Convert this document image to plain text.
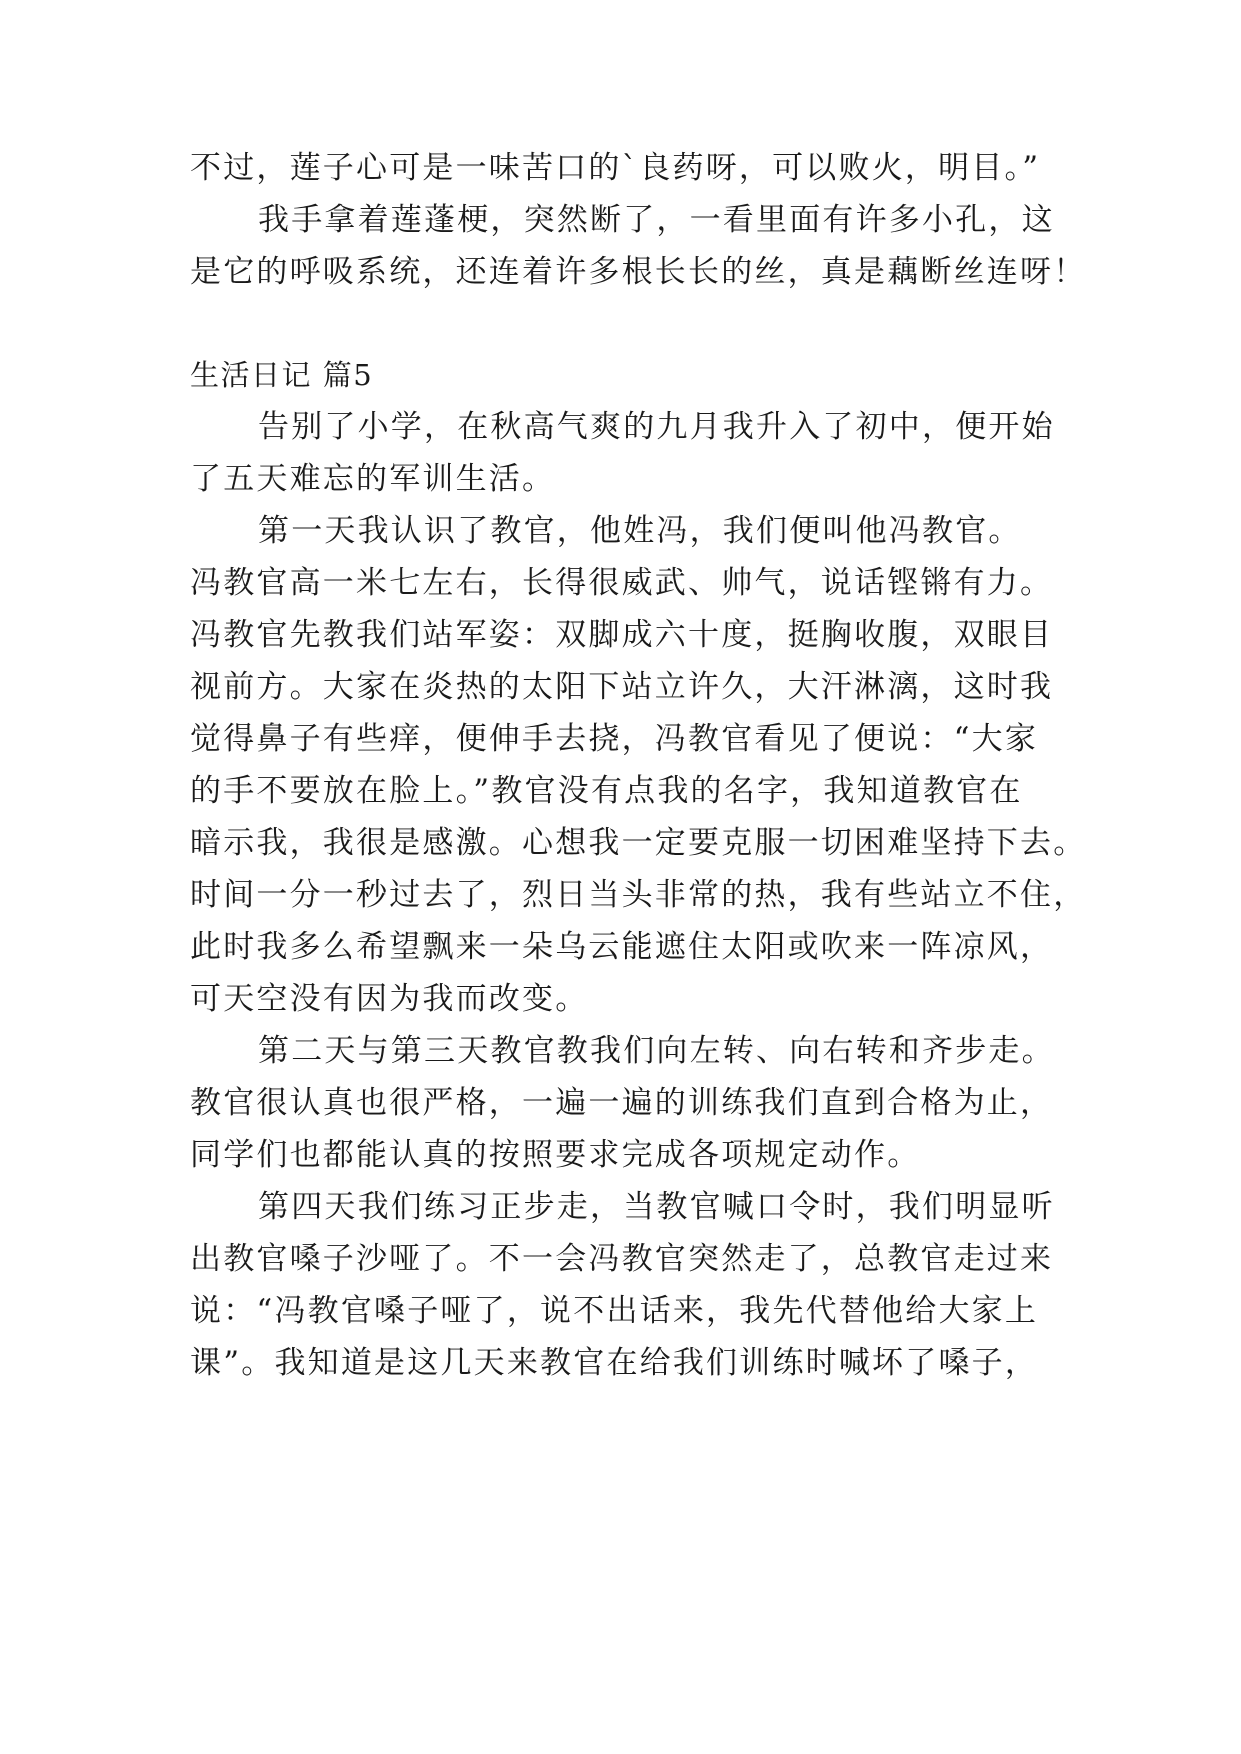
不过，莲子心可是一味苦口的`良药呀，可以败火，明目。”
我手拿着莲蓬梗，突然断了，一看里面有许多小孔，这
是它的呼吸系统，还连着许多根长长的丝，真是藕断丝连呀！
生活日记 篇5
告别了小学，在秋高气爽的九月我升入了初中，便开始
了五天难忘的军训生活。
第一天我认识了教官，他姓冯，我们便叫他冯教官。
冯教官高一米七左右，长得很威武、帅气，说话铿锵有力。
冯教官先教我们站军姿：双脚成六十度，挺胸收腹，双眼目
视前方。大家在炎热的太阳下站立许久，大汗淋漓，这时我
觉得鼻子有些痒，便伸手去挠，冯教官看见了便说：“大家
的手不要放在脸上。”教官没有点我的名字，我知道教官在
暗示我，我很是感激。心想我一定要克服一切困难坚持下去。
时间一分一秒过去了，烈日当头非常的热，我有些站立不住，
此时我多么希望飘来一朵乌云能遮住太阳或吹来一阵凉风，
可天空没有因为我而改变。
第二天与第三天教官教我们向左转、向右转和齐步走。
教官很认真也很严格，一遍一遍的训练我们直到合格为止，
同学们也都能认真的按照要求完成各项规定动作。
第四天我们练习正步走，当教官喊口令时，我们明显听
出教官嗓子沙哑了。不一会冯教官突然走了，总教官走过来
说：“冯教官嗓子哑了，说不出话来，我先代替他给大家上
课”。我知道是这几天来教官在给我们训练时喊坏了嗓子，
